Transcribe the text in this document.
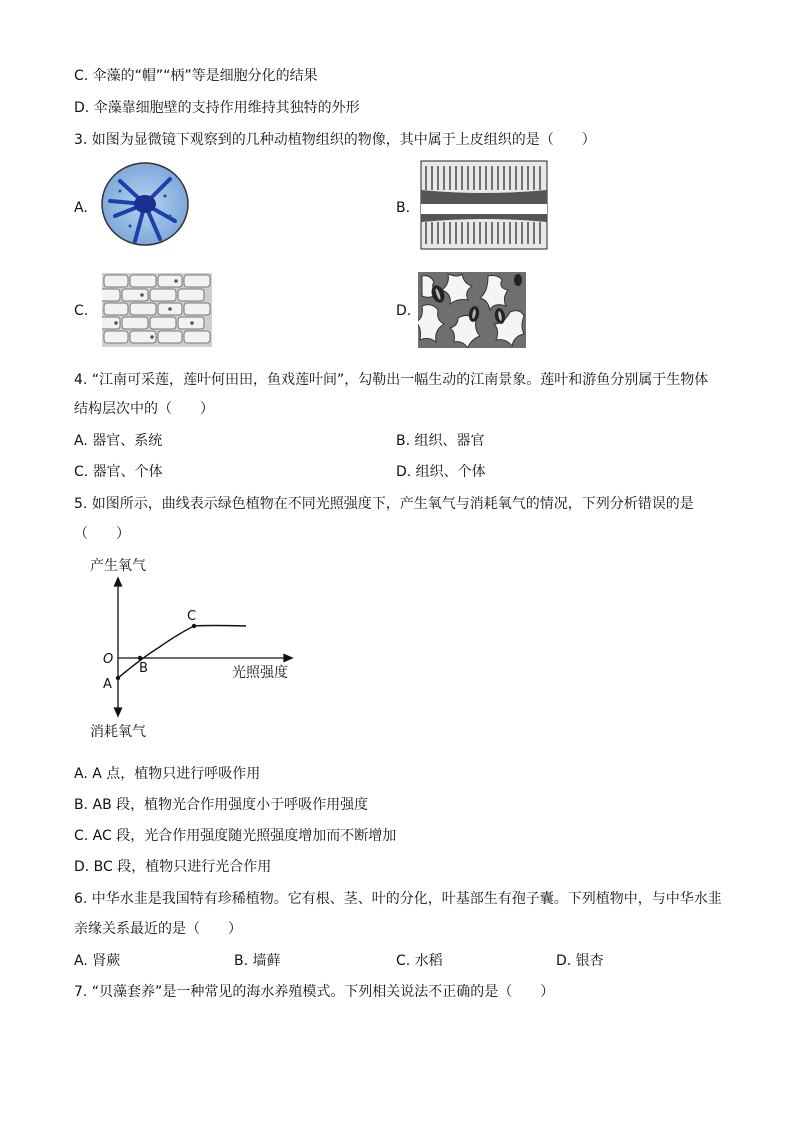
C. 伞藻的“帽”“柄”等是细胞分化的结果
D. 伞藻靠细胞壁的支持作用维持其独特的外形
3. 如图为显微镜下观察到的几种动植物组织的物像，其中属于上皮组织的是（　　）
A.	B.
C.	D.
4. “江南可采莲，莲叶何田田，鱼戏莲叶间”，勾勒出一幅生动的江南景象。莲叶和游鱼分别属于生物体
结构层次中的（　　）
A. 器官、系统	B. 组织、器官
C. 器官、个体	D. 组织、个体
5. 如图所示，曲线表示绿色植物在不同光照强度下，产生氧气与消耗氧气的情况，下列分析错误的是
（　　）
产生氧气
消耗氧气
光照强度
O
A
B
C
A. A 点，植物只进行呼吸作用
B. AB 段，植物光合作用强度小于呼吸作用强度
C. AC 段，光合作用强度随光照强度增加而不断增加
D. BC 段，植物只进行光合作用
6. 中华水韭是我国特有珍稀植物。它有根、茎、叶的分化，叶基部生有孢子囊。下列植物中，与中华水韭
亲缘关系最近的是（　　）
A. 肾蕨	B. 墙藓	C. 水稻	D. 银杏
7. “贝藻套养”是一种常见的海水养殖模式。下列相关说法不正确的是（　　）
